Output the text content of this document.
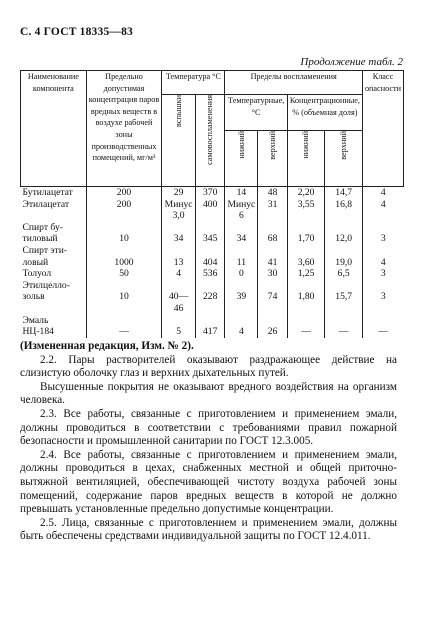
С. 4 ГОСТ 18335—83
Продолжение табл. 2
Наименование компонента	Предельно допустимая концентрация паров вредных веществ в воздухе рабочей зоны производственных помещений, мг/м³	Температура °С		Пределы воспламенения				Класс опасности

		вспышки	самовоспламенения	Температурные, °С		Концентрационные, % (объемная доля)		

				нижний	верхний	нижний	верхний	

Бутилацетат	200	29	370	14	48	2,20	14,7	4
Этилацетат	200	Минус	400	Минус	31	3,55	16,8	4
		3,0		6				
Спирт бу-								
тиловый	10	34	345	34	68	1,70	12,0	3
Спирт эти-								
ловый	1000	13	404	11	41	3,60	19,0	4
Толуол	50	4	536	0	30	1,25	6,5	3
Этилцелло-								
зольв	10	40—46	228	39	74	1,80	15,7	3
Эмаль								
НЦ-184	—	5	417	4	26	—	—	—

(Измененная редакция, Изм. № 2).

2.2. Пары растворителей оказывают раздражающее действие на слизистую оболочку глаз и верхних дыхательных путей.

Высушенные покрытия не оказывают вредного воздействия на организм человека.

2.3. Все работы, связанные с приготовлением и применением эмали, должны проводиться в соответствии с требованиями правил пожарной безопасности и промышленной санитарии по ГОСТ 12.3.005.

2.4. Все работы, связанные с приготовлением и применением эмали, должны проводиться в цехах, снабженных местной и общей приточно-вытяжной вентиляцией, обеспечивающей чистоту воздуха рабочей зоны помещений, содержание паров вредных веществ в которой не должно превышать установленные предельно допустимые концентрации.

2.5. Лица, связанные с приготовлением и применением эмали, должны быть обеспечены средствами индивидуальной защиты по ГОСТ 12.4.011.
